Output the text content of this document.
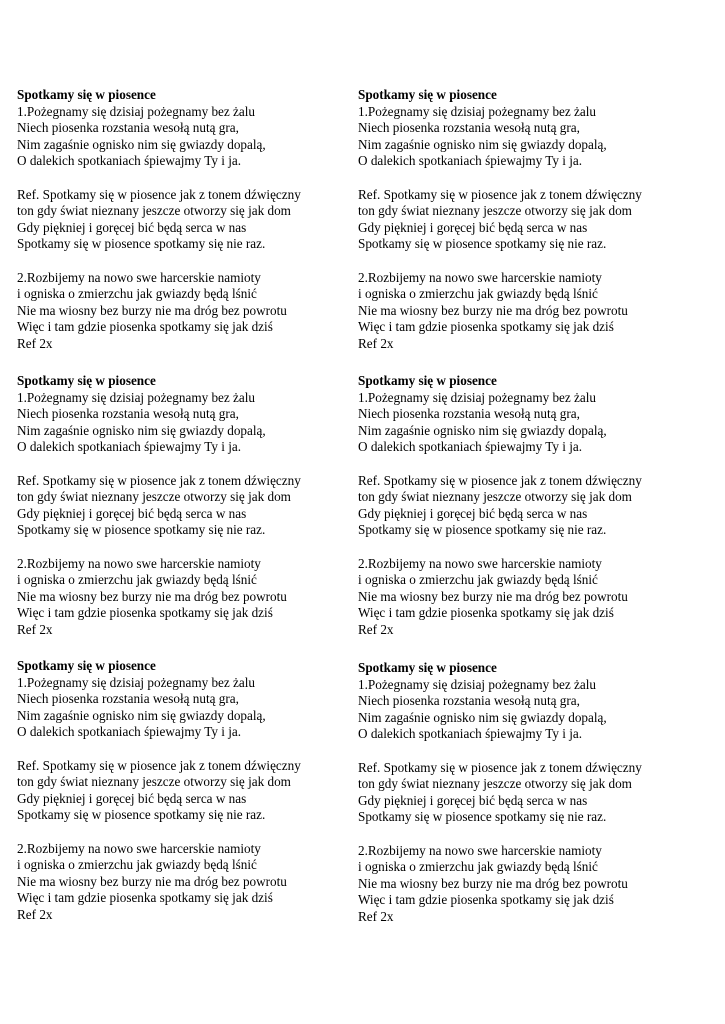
Spotkamy się w piosence
1.Pożegnamy się dzisiaj pożegnamy bez żalu
Niech piosenka rozstania wesołą nutą gra,
Nim zagaśnie ognisko nim się gwiazdy dopalą,
O dalekich spotkaniach śpiewajmy Ty i ja.
Ref. Spotkamy się w piosence jak z tonem dźwięczny
ton gdy świat nieznany jeszcze otworzy się jak dom
Gdy piękniej i goręcej bić będą serca w nas
Spotkamy się w piosence spotkamy się nie raz.
2.Rozbijemy na nowo swe harcerskie namioty
i ogniska o zmierzchu jak gwiazdy będą lśnić
Nie ma wiosny bez burzy nie ma dróg bez powrotu
Więc i tam gdzie piosenka spotkamy się jak dziś
Ref 2x
Spotkamy się w piosence
1.Pożegnamy się dzisiaj pożegnamy bez żalu
Niech piosenka rozstania wesołą nutą gra,
Nim zagaśnie ognisko nim się gwiazdy dopalą,
O dalekich spotkaniach śpiewajmy Ty i ja.
Ref. Spotkamy się w piosence jak z tonem dźwięczny
ton gdy świat nieznany jeszcze otworzy się jak dom
Gdy piękniej i goręcej bić będą serca w nas
Spotkamy się w piosence spotkamy się nie raz.
2.Rozbijemy na nowo swe harcerskie namioty
i ogniska o zmierzchu jak gwiazdy będą lśnić
Nie ma wiosny bez burzy nie ma dróg bez powrotu
Więc i tam gdzie piosenka spotkamy się jak dziś
Ref 2x
Spotkamy się w piosence
1.Pożegnamy się dzisiaj pożegnamy bez żalu
Niech piosenka rozstania wesołą nutą gra,
Nim zagaśnie ognisko nim się gwiazdy dopalą,
O dalekich spotkaniach śpiewajmy Ty i ja.
Ref. Spotkamy się w piosence jak z tonem dźwięczny
ton gdy świat nieznany jeszcze otworzy się jak dom
Gdy piękniej i goręcej bić będą serca w nas
Spotkamy się w piosence spotkamy się nie raz.
2.Rozbijemy na nowo swe harcerskie namioty
i ogniska o zmierzchu jak gwiazdy będą lśnić
Nie ma wiosny bez burzy nie ma dróg bez powrotu
Więc i tam gdzie piosenka spotkamy się jak dziś
Ref 2x
Spotkamy się w piosence
1.Pożegnamy się dzisiaj pożegnamy bez żalu
Niech piosenka rozstania wesołą nutą gra,
Nim zagaśnie ognisko nim się gwiazdy dopalą,
O dalekich spotkaniach śpiewajmy Ty i ja.
Ref. Spotkamy się w piosence jak z tonem dźwięczny
ton gdy świat nieznany jeszcze otworzy się jak dom
Gdy piękniej i goręcej bić będą serca w nas
Spotkamy się w piosence spotkamy się nie raz.
2.Rozbijemy na nowo swe harcerskie namioty
i ogniska o zmierzchu jak gwiazdy będą lśnić
Nie ma wiosny bez burzy nie ma dróg bez powrotu
Więc i tam gdzie piosenka spotkamy się jak dziś
Ref 2x
Spotkamy się w piosence
1.Pożegnamy się dzisiaj pożegnamy bez żalu
Niech piosenka rozstania wesołą nutą gra,
Nim zagaśnie ognisko nim się gwiazdy dopalą,
O dalekich spotkaniach śpiewajmy Ty i ja.
Ref. Spotkamy się w piosence jak z tonem dźwięczny
ton gdy świat nieznany jeszcze otworzy się jak dom
Gdy piękniej i goręcej bić będą serca w nas
Spotkamy się w piosence spotkamy się nie raz.
2.Rozbijemy na nowo swe harcerskie namioty
i ogniska o zmierzchu jak gwiazdy będą lśnić
Nie ma wiosny bez burzy nie ma dróg bez powrotu
Więc i tam gdzie piosenka spotkamy się jak dziś
Ref 2x
Spotkamy się w piosence
1.Pożegnamy się dzisiaj pożegnamy bez żalu
Niech piosenka rozstania wesołą nutą gra,
Nim zagaśnie ognisko nim się gwiazdy dopalą,
O dalekich spotkaniach śpiewajmy Ty i ja.
Ref. Spotkamy się w piosence jak z tonem dźwięczny
ton gdy świat nieznany jeszcze otworzy się jak dom
Gdy piękniej i goręcej bić będą serca w nas
Spotkamy się w piosence spotkamy się nie raz.
2.Rozbijemy na nowo swe harcerskie namioty
i ogniska o zmierzchu jak gwiazdy będą lśnić
Nie ma wiosny bez burzy nie ma dróg bez powrotu
Więc i tam gdzie piosenka spotkamy się jak dziś
Ref 2x
